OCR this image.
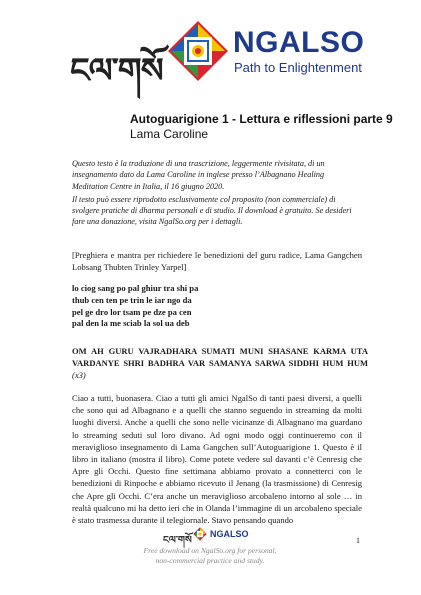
ངལ་གསོ
NGALSO
Path to Enlightenment
Autoguarigione 1 - Lettura e riflessioni parte 9
Lama Caroline

Questo testo è la traduzione di una trascrizione, leggermente rivisitata, di un insegnamento dato da Lama Caroline in inglese presso l’Albagnano Healing Meditation Centre in Italia, il 16 giugno 2020.

Il testo può essere riprodotto esclusivamente col proposito (non commerciale) di svolgere pratiche di dharma personali e di studio. Il download è gratuito. Se desideri fare una donazione, visita NgalSo.org per i dettagli.

[Preghiera e mantra per richiedere le benedizioni del guru radice, Lama Gangchen Lobsang Thubten Trinley Yarpel]
lo ciog sang po pal ghiur tra shi pa
thub cen ten pe trin le iar ngo da
pel ge dro lor tsam pe dze pa cen
pal den la me sciab la sol ua deb
OM AH GURU VAJRADHARA SUMATI MUNI SHASANE KARMA UTA VARDANYE SHRI BADHRA VAR SAMANYA SARWA SIDDHI HUM HUM (x3)
Ciao a tutti, buonasera. Ciao a tutti gli amici NgalSo di tanti paesi diversi, a quelli che sono qui ad Albagnano e a quelli che stanno seguendo in streaming da molti luoghi diversi. Anche a quelli che sono nelle vicinanze di Albagnano ma guardano lo streaming seduti sul loro divano. Ad ogni modo oggi continueremo con il meraviglioso insegnamento di Lama Gangchen sull’Autoguarigione 1. Questo è il libro in italiano (mostra il libro). Come potete vedere sul davanti c’è Cenresig che Apre gli Occhi. Questo fine settimana abbiamo provato a connetterci con le benedizioni di Rinpoche e abbiamo ricevuto il Jenang (la trasmissione) di Cenresig che Apre gli Occhi. C’era anche un meraviglioso arcobaleno intorno al sole … in realtà qualcuno mi ha detto ieri che in Olanda l’immagine di un arcobaleno speciale è stato trasmessa durante il telegiornale. Stavo pensando quando
ངལ་གསོ
NGALSO
1
Free download on NgalSo.org for personal,
non-commercial practice and study.
